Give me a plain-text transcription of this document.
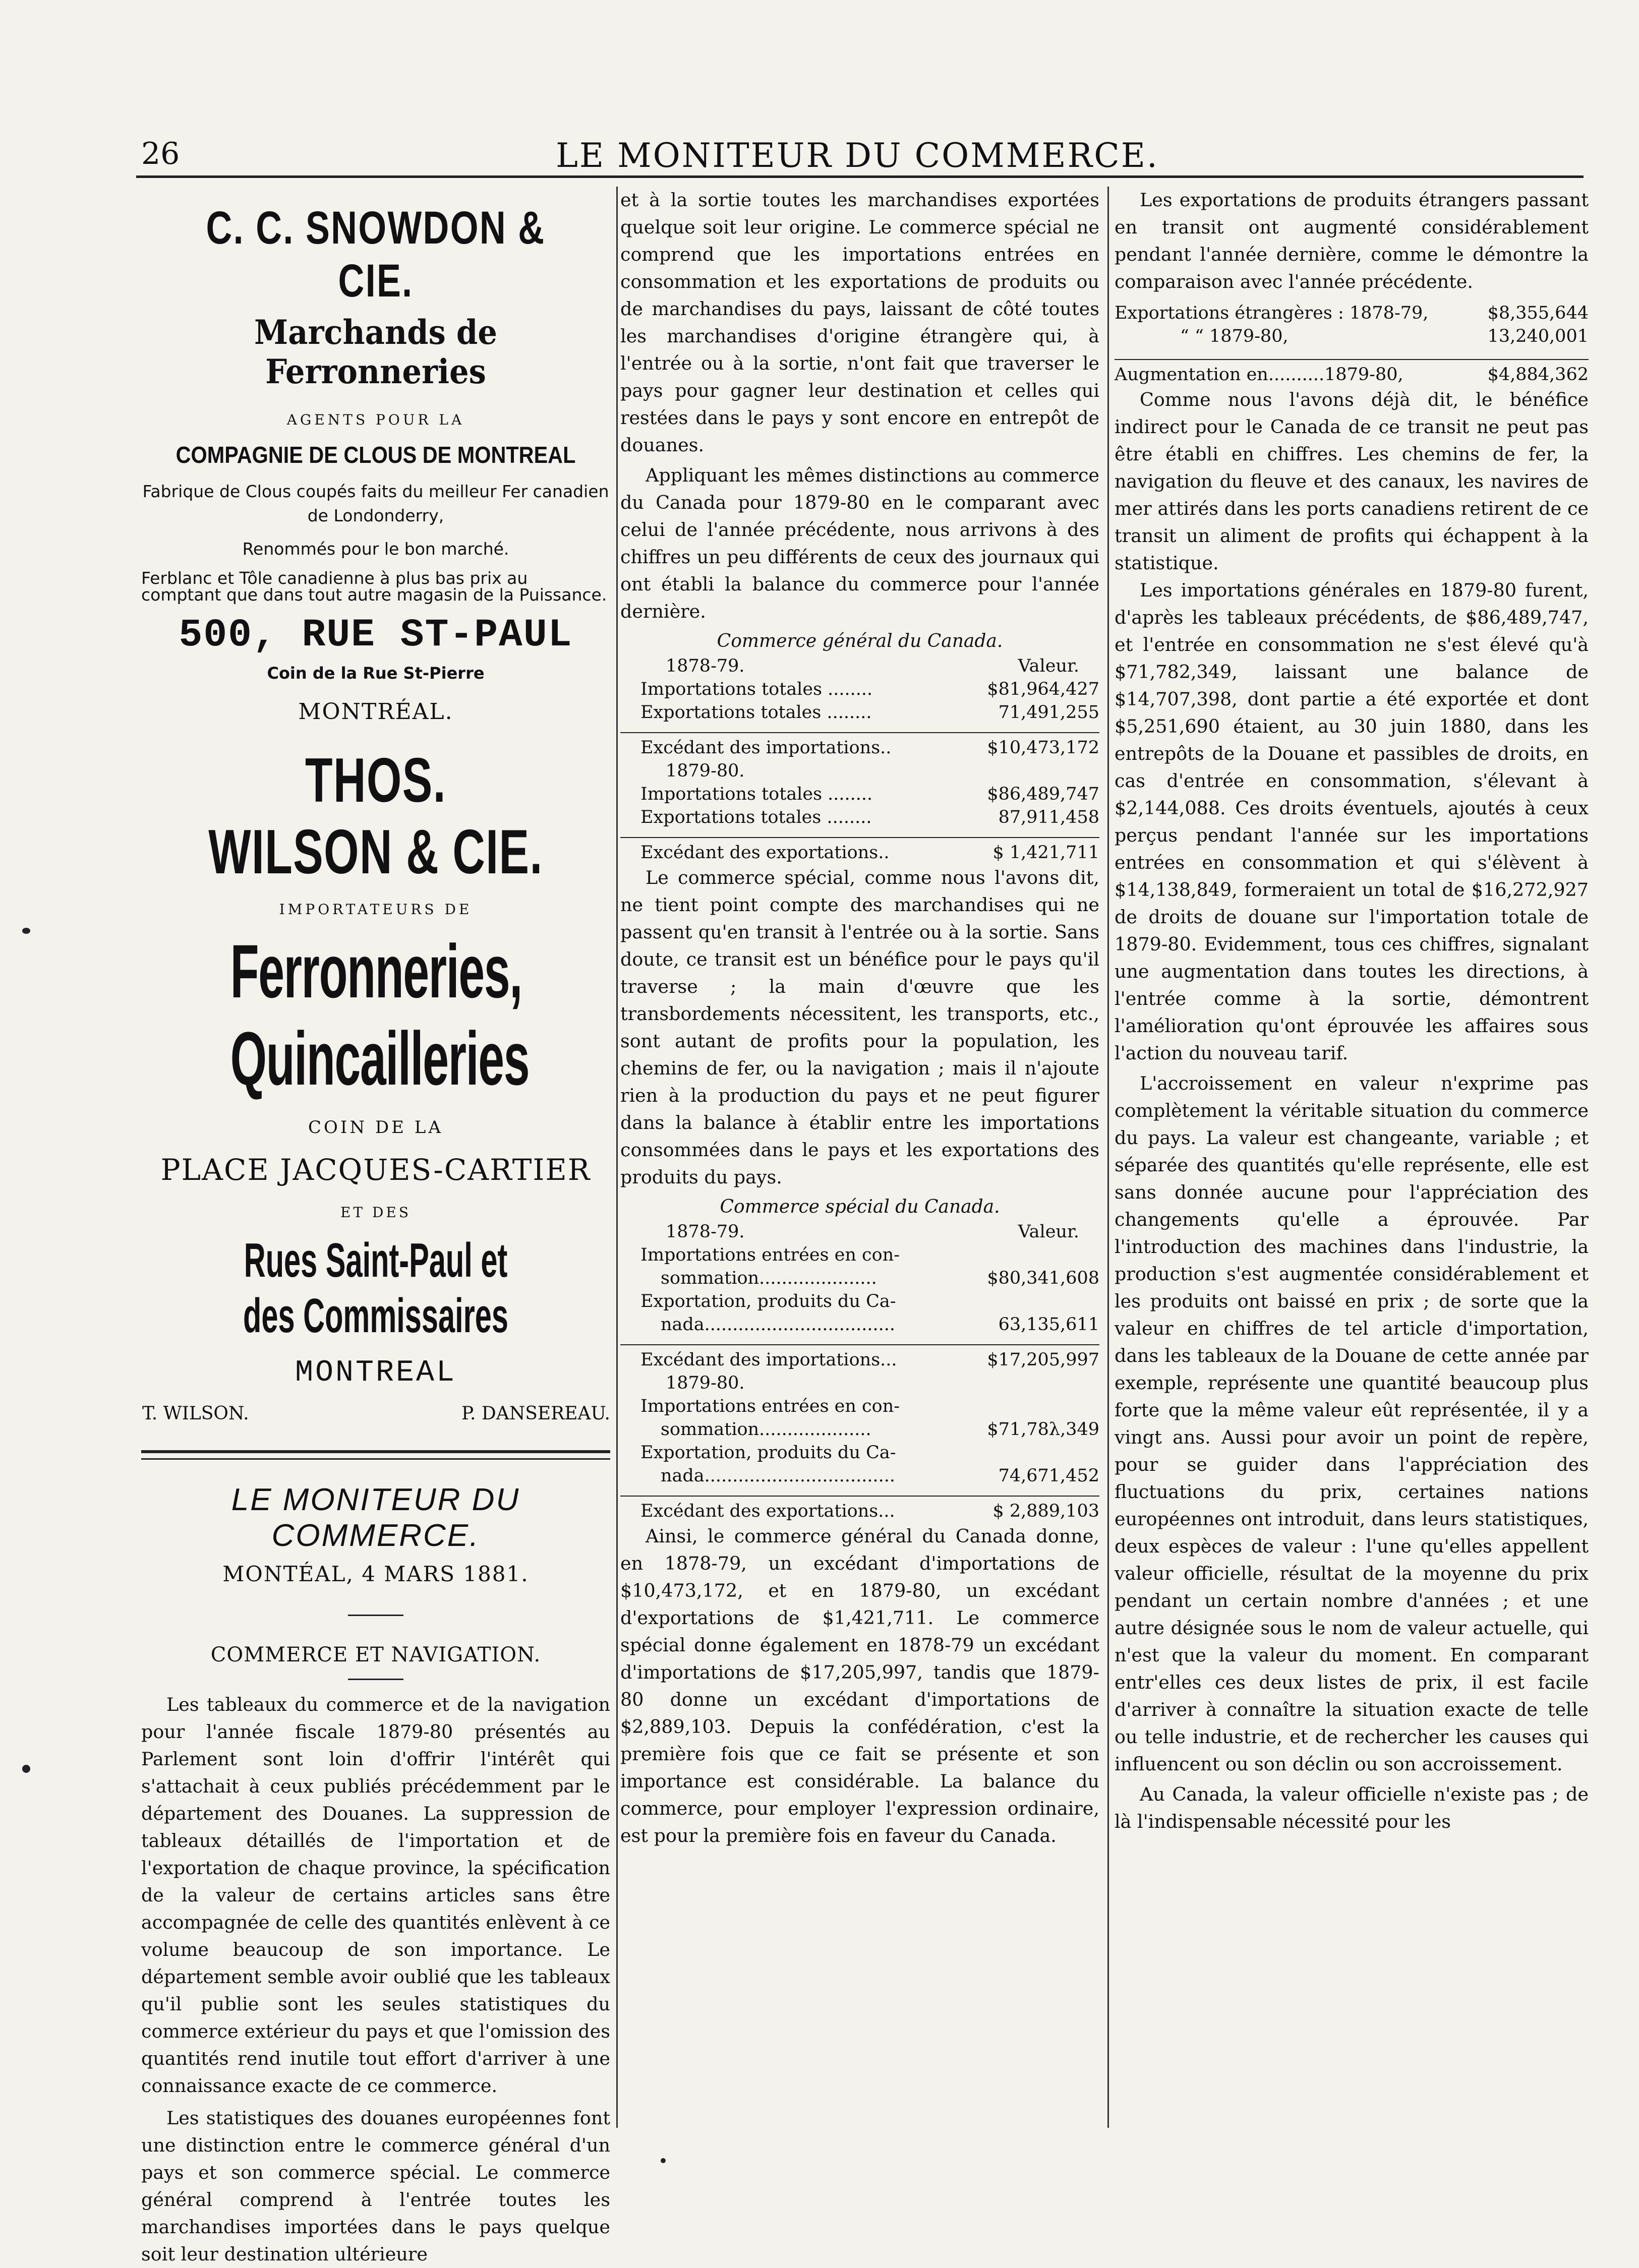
26	LE MONITEUR DU COMMERCE.

C. C. SNOWDON & CIE.

Marchands de Ferronneries

AGENTS POUR LA

COMPAGNIE DE CLOUS DE MONTREAL

Fabrique de Clous coupés faits du meilleur Fer canadien de Londonderry,

Renommés pour le bon marché.

Ferblanc et Tôle canadienne à plus bas prix au comptant que dans tout autre magasin de la Puissance.

500, RUE ST-PAUL

Coin de la Rue St-Pierre

MONTRÉAL.

THOS. WILSON & CIE.

IMPORTATEURS DE

Ferronneries, Quincailleries

COIN DE LA

PLACE JACQUES-CARTIER

ET DES

Rues Saint-Paul et des Commissaires

MONTREAL

T. WILSON.	P. DANSEREAU.
LE MONITEUR DU COMMERCE.
MONTÉAL, 4 MARS 1881.
COMMERCE ET NAVIGATION.

Les tableaux du commerce et de la navigation pour l'année fiscale 1879-80 présentés au Parlement sont loin d'offrir l'intérêt qui s'attachait à ceux publiés précédemment par le département des Douanes. La suppression de tableaux détaillés de l'importation et de l'exportation de chaque province, la spécification de la valeur de certains articles sans être accompagnée de celle des quantités enlèvent à ce volume beaucoup de son importance. Le département semble avoir oublié que les tableaux qu'il publie sont les seules statistiques du commerce extérieur du pays et que l'omission des quantités rend inutile tout effort d'arriver à une connaissance exacte de ce commerce.

Les statistiques des douanes européennes font une distinction entre le commerce général d'un pays et son commerce spécial. Le commerce général comprend à l'entrée toutes les marchandises importées dans le pays quelque soit leur destination ultérieure

et à la sortie toutes les marchandises exportées quelque soit leur origine. Le commerce spécial ne comprend que les importations entrées en consommation et les exportations de produits ou de marchandises du pays, laissant de côté toutes les marchandises d'origine étrangère qui, à l'entrée ou à la sortie, n'ont fait que traverser le pays pour gagner leur destination et celles qui restées dans le pays y sont encore en entrepôt de douanes.

Appliquant les mêmes distinctions au commerce du Canada pour 1879-80 en le comparant avec celui de l'année précédente, nous arrivons à des chiffres un peu différents de ceux des journaux qui ont établi la balance du commerce pour l'année dernière.

Commerce général du Canada.
1878-79.	Valeur.
Importations totales ........	$81,964,427
Exportations totales ........	71,491,255
Excédant des importations..	$10,473,172
1879-80.
Importations totales ........	$86,489,747
Exportations totales ........	87,911,458
Excédant des exportations..	$ 1,421,711

Le commerce spécial, comme nous l'avons dit, ne tient point compte des marchandises qui ne passent qu'en transit à l'entrée ou à la sortie. Sans doute, ce transit est un bénéfice pour le pays qu'il traverse ; la main d'œuvre que les transbordements nécessitent, les transports, etc., sont autant de profits pour la population, les chemins de fer, ou la navigation ; mais il n'ajoute rien à la production du pays et ne peut figurer dans la balance à établir entre les importations consommées dans le pays et les exportations des produits du pays.

Commerce spécial du Canada.
1878-79.	Valeur.
Importations entrées en con-
sommation.....................	$80,341,608
Exportation, produits du Ca-
nada..................................	63,135,611
Excédant des importations...	$17,205,997
1879-80.
Importations entrées en con-
sommation....................	$71,78λ,349
Exportation, produits du Ca-
nada..................................	74,671,452
Excédant des exportations...	$ 2,889,103

Ainsi, le commerce général du Canada donne, en 1878-79, un excédant d'importations de $10,473,172, et en 1879-80, un excédant d'exportations de $1,421,711. Le commerce spécial donne également en 1878-79 un excédant d'importations de $17,205,997, tandis que 1879-80 donne un excédant d'importations de $2,889,103. Depuis la confédération, c'est la première fois que ce fait se présente et son importance est considérable. La balance du commerce, pour employer l'expression ordinaire, est pour la première fois en faveur du Canada.

Les exportations de produits étrangers passant en transit ont augmenté considérablement pendant l'année dernière, comme le démontre la comparaison avec l'année précédente.

Exportations étrangères : 1878-79,	$8,355,644
“ “ 1879-80,	13,240,001
Augmentation en..........1879-80,	$4,884,362

Comme nous l'avons déjà dit, le bénéfice indirect pour le Canada de ce transit ne peut pas être établi en chiffres. Les chemins de fer, la navigation du fleuve et des canaux, les navires de mer attirés dans les ports canadiens retirent de ce transit un aliment de profits qui échappent à la statistique.

Les importations générales en 1879-80 furent, d'après les tableaux précédents, de $86,489,747, et l'entrée en consommation ne s'est élevé qu'à $71,782,349, laissant une balance de $14,707,398, dont partie a été exportée et dont $5,251,690 étaient, au 30 juin 1880, dans les entrepôts de la Douane et passibles de droits, en cas d'entrée en consommation, s'élevant à $2,144,088. Ces droits éventuels, ajoutés à ceux perçus pendant l'année sur les importations entrées en consommation et qui s'élèvent à $14,138,849, formeraient un total de $16,272,927 de droits de douane sur l'importation totale de 1879-80. Evidemment, tous ces chiffres, signalant une augmentation dans toutes les directions, à l'entrée comme à la sortie, démontrent l'amélioration qu'ont éprouvée les affaires sous l'action du nouveau tarif.

L'accroissement en valeur n'exprime pas complètement la véritable situation du commerce du pays. La valeur est changeante, variable ; et séparée des quantités qu'elle représente, elle est sans donnée aucune pour l'appréciation des changements qu'elle a éprouvée. Par l'introduction des machines dans l'industrie, la production s'est augmentée considérablement et les produits ont baissé en prix ; de sorte que la valeur en chiffres de tel article d'importation, dans les tableaux de la Douane de cette année par exemple, représente une quantité beaucoup plus forte que la même valeur eût représentée, il y a vingt ans. Aussi pour avoir un point de repère, pour se guider dans l'appréciation des fluctuations du prix, certaines nations européennes ont introduit, dans leurs statistiques, deux espèces de valeur : l'une qu'elles appellent valeur officielle, résultat de la moyenne du prix pendant un certain nombre d'années ; et une autre désignée sous le nom de valeur actuelle, qui n'est que la valeur du moment. En comparant entr'elles ces deux listes de prix, il est facile d'arriver à connaître la situation exacte de telle ou telle industrie, et de rechercher les causes qui influencent ou son déclin ou son accroissement.

Au Canada, la valeur officielle n'existe pas ; de là l'indispensable nécessité pour les
